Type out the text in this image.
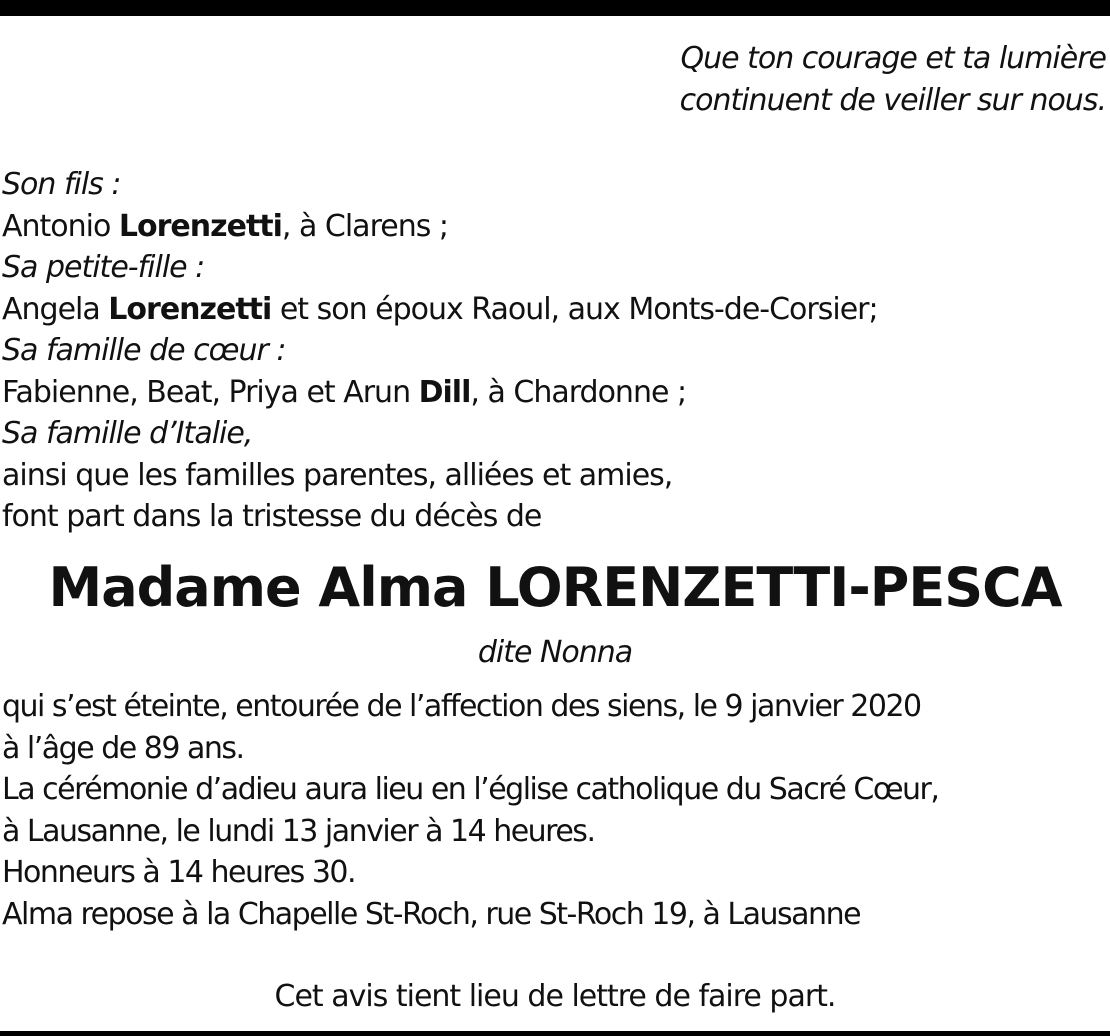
Que ton courage et ta lumière
continuent de veiller sur nous.
Son fils :
Antonio Lorenzetti, à Clarens ;
Sa petite-fille :
Angela Lorenzetti et son époux Raoul, aux Monts-de-Corsier;
Sa famille de cœur :
Fabienne, Beat, Priya et Arun Dill, à Chardonne ;
Sa famille d’Italie,
ainsi que les familles parentes, alliées et amies,
font part dans la tristesse du décès de
Madame Alma LORENZETTI-PESCA
dite Nonna
qui s’est éteinte, entourée de l’affection des siens, le 9 janvier 2020
à l’âge de 89 ans.
La cérémonie d’adieu aura lieu en l’église catholique du Sacré Cœur,
à Lausanne, le lundi 13 janvier à 14 heures.
Honneurs à 14 heures 30.
Alma repose à la Chapelle St-Roch, rue St-Roch 19, à Lausanne
Cet avis tient lieu de lettre de faire part.
